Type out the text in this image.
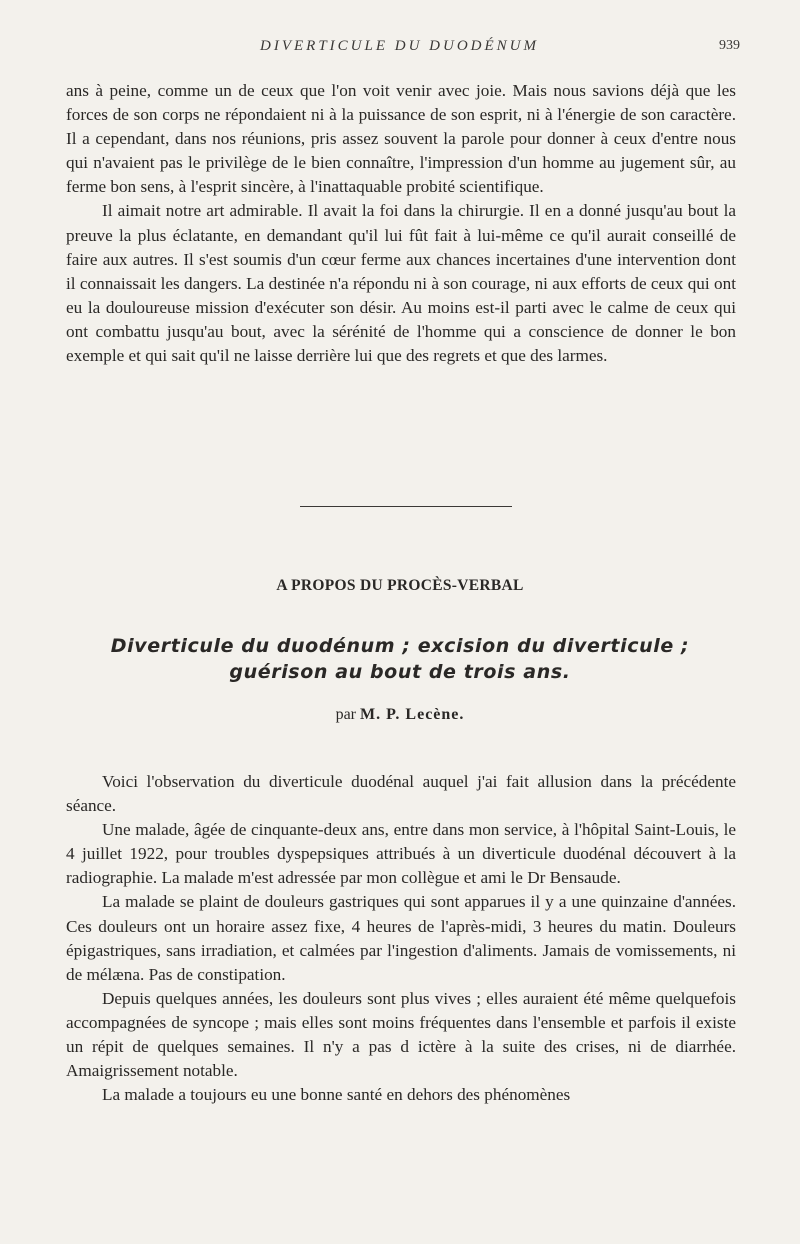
DIVERTICULE DU DUODÉNUM	939

ans à peine, comme un de ceux que l'on voit venir avec joie. Mais nous savions déjà que les forces de son corps ne répondaient ni à la puissance de son esprit, ni à l'énergie de son caractère. Il a cependant, dans nos réunions, pris assez souvent la parole pour donner à ceux d'entre nous qui n'avaient pas le privilège de le bien connaître, l'impression d'un homme au jugement sûr, au ferme bon sens, à l'esprit sincère, à l'inattaquable probité scientifique.

Il aimait notre art admirable. Il avait la foi dans la chirurgie. Il en a donné jusqu'au bout la preuve la plus éclatante, en demandant qu'il lui fût fait à lui-même ce qu'il aurait conseillé de faire aux autres. Il s'est soumis d'un cœur ferme aux chances incertaines d'une intervention dont il connaissait les dangers. La destinée n'a répondu ni à son courage, ni aux efforts de ceux qui ont eu la douloureuse mission d'exécuter son désir. Au moins est-il parti avec le calme de ceux qui ont combattu jusqu'au bout, avec la sérénité de l'homme qui a conscience de donner le bon exemple et qui sait qu'il ne laisse derrière lui que des regrets et que des larmes.

A PROPOS DU PROCÈS-VERBAL
Diverticule du duodénum ; excision du diverticule ;
guérison au bout de trois ans.
par M. P. Lecène.

Voici l'observation du diverticule duodénal auquel j'ai fait allusion dans la précédente séance.

Une malade, âgée de cinquante-deux ans, entre dans mon service, à l'hôpital Saint-Louis, le 4 juillet 1922, pour troubles dyspepsiques attribués à un diverticule duodénal découvert à la radiographie. La malade m'est adressée par mon collègue et ami le Dr Bensaude.

La malade se plaint de douleurs gastriques qui sont apparues il y a une quinzaine d'années. Ces douleurs ont un horaire assez fixe, 4 heures de l'après-midi, 3 heures du matin. Douleurs épigastriques, sans irradiation, et calmées par l'ingestion d'aliments. Jamais de vomissements, ni de mélæna. Pas de constipation.

Depuis quelques années, les douleurs sont plus vives ; elles auraient été même quelquefois accompagnées de syncope ; mais elles sont moins fréquentes dans l'ensemble et parfois il existe un répit de quelques semaines. Il n'y a pas d ictère à la suite des crises, ni de diarrhée. Amaigrissement notable.

La malade a toujours eu une bonne santé en dehors des phénomènes
